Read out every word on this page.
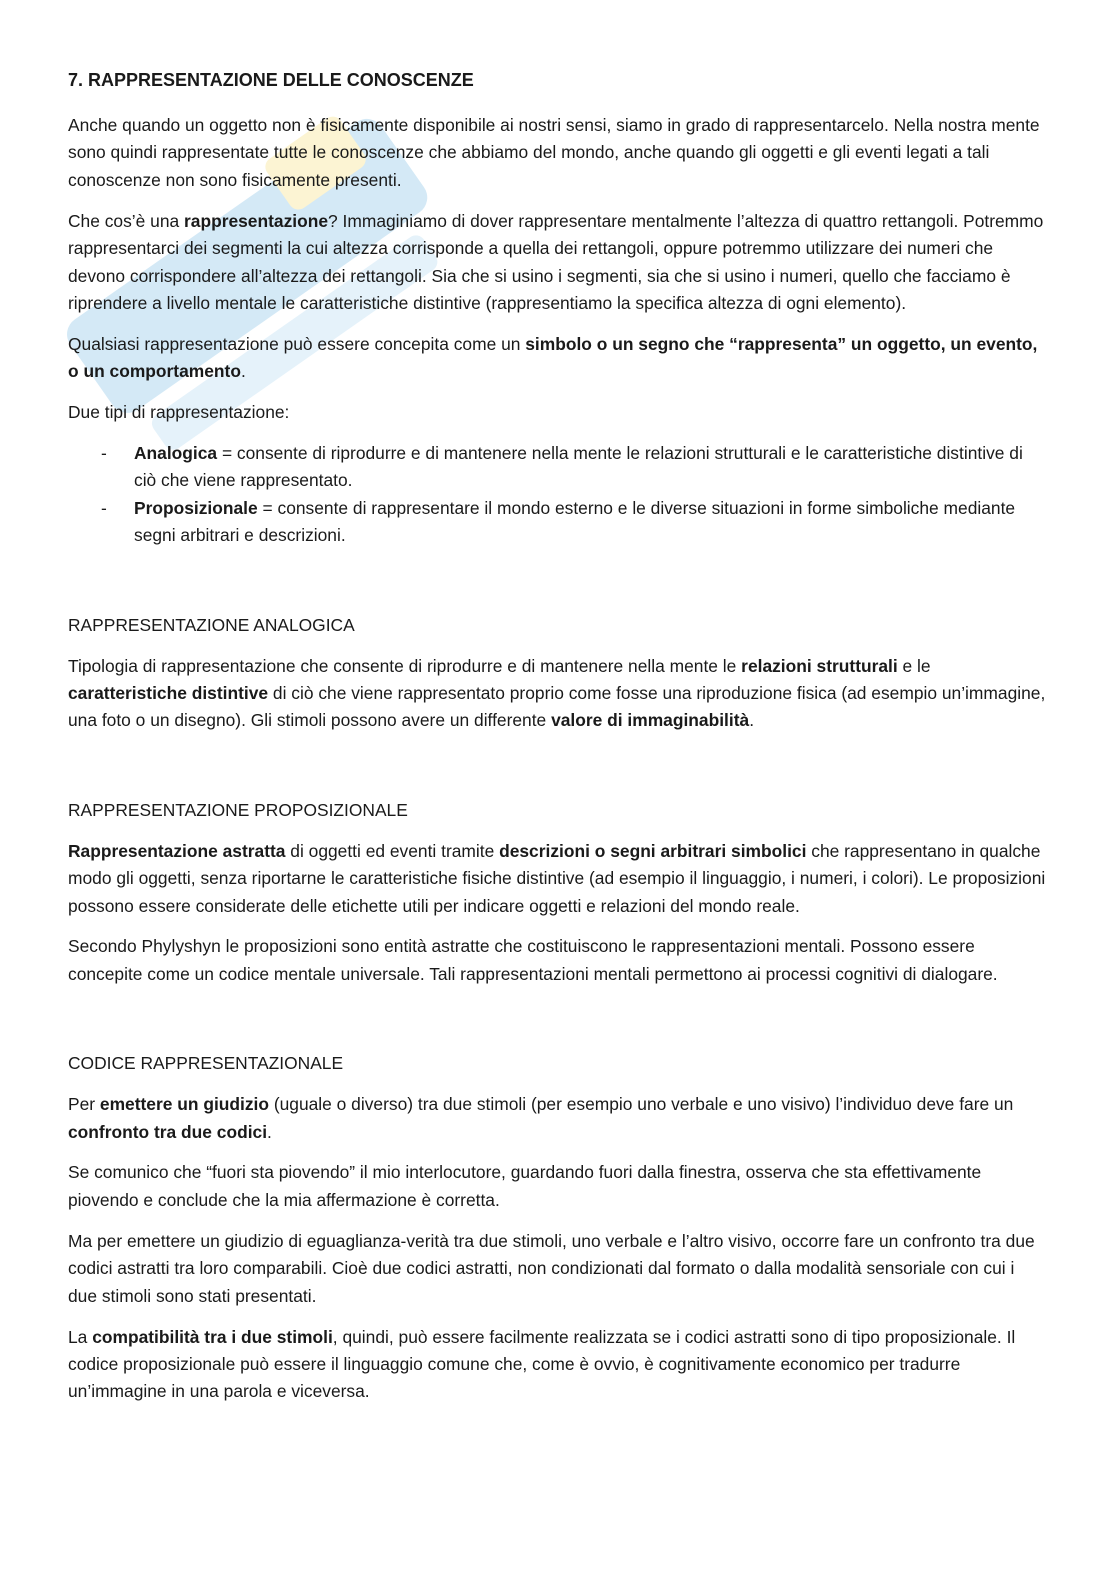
7. RAPPRESENTAZIONE DELLE CONOSCENZE

Anche quando un oggetto non è fisicamente disponibile ai nostri sensi, siamo in grado di rappresentarcelo. Nella nostra mente sono quindi rappresentate tutte le conoscenze che abbiamo del mondo, anche quando gli oggetti e gli eventi legati a tali conoscenze non sono fisicamente presenti.

Che cos’è una rappresentazione? Immaginiamo di dover rappresentare mentalmente l’altezza di quattro rettangoli. Potremmo rappresentarci dei segmenti la cui altezza corrisponde a quella dei rettangoli, oppure potremmo utilizzare dei numeri che devono corrispondere all’altezza dei rettangoli. Sia che si usino i segmenti, sia che si usino i numeri, quello che facciamo è riprendere a livello mentale le caratteristiche distintive (rappresentiamo la specifica altezza di ogni elemento).

Qualsiasi rappresentazione può essere concepita come un simbolo o un segno che “rappresenta” un oggetto, un evento, o un comportamento.

Due tipi di rappresentazione:

- Analogica = consente di riprodurre e di mantenere nella mente le relazioni strutturali e le caratteristiche distintive di ciò che viene rappresentato.
- Proposizionale = consente di rappresentare il mondo esterno e le diverse situazioni in forme simboliche mediante segni arbitrari e descrizioni.

RAPPRESENTAZIONE ANALOGICA

Tipologia di rappresentazione che consente di riprodurre e di mantenere nella mente le relazioni strutturali e le caratteristiche distintive di ciò che viene rappresentato proprio come fosse una riproduzione fisica (ad esempio un’immagine, una foto o un disegno). Gli stimoli possono avere un differente valore di immaginabilità.

RAPPRESENTAZIONE PROPOSIZIONALE

Rappresentazione astratta di oggetti ed eventi tramite descrizioni o segni arbitrari simbolici che rappresentano in qualche modo gli oggetti, senza riportarne le caratteristiche fisiche distintive (ad esempio il linguaggio, i numeri, i colori). Le proposizioni possono essere considerate delle etichette utili per indicare oggetti e relazioni del mondo reale.

Secondo Phylyshyn le proposizioni sono entità astratte che costituiscono le rappresentazioni mentali. Possono essere concepite come un codice mentale universale. Tali rappresentazioni mentali permettono ai processi cognitivi di dialogare.

CODICE RAPPRESENTAZIONALE

Per emettere un giudizio (uguale o diverso) tra due stimoli (per esempio uno verbale e uno visivo) l’individuo deve fare un confronto tra due codici.

Se comunico che “fuori sta piovendo” il mio interlocutore, guardando fuori dalla finestra, osserva che sta effettivamente piovendo e conclude che la mia affermazione è corretta.

Ma per emettere un giudizio di eguaglianza-verità tra due stimoli, uno verbale e l’altro visivo, occorre fare un confronto tra due codici astratti tra loro comparabili. Cioè due codici astratti, non condizionati dal formato o dalla modalità sensoriale con cui i due stimoli sono stati presentati.

La compatibilità tra i due stimoli, quindi, può essere facilmente realizzata se i codici astratti sono di tipo proposizionale. Il codice proposizionale può essere il linguaggio comune che, come è ovvio, è cognitivamente economico per tradurre un’immagine in una parola e viceversa.
